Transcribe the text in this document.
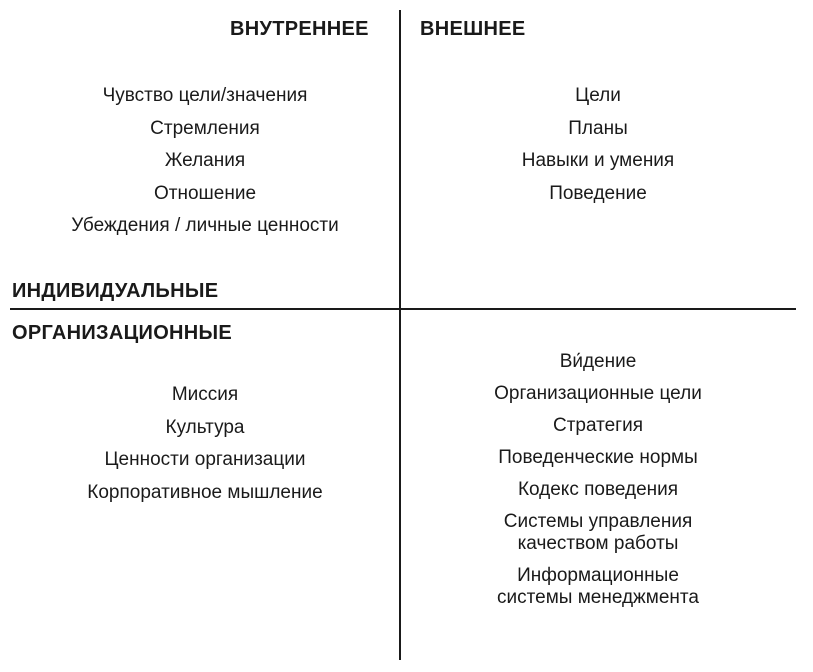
ВНУТРЕННЕЕ	ВНЕШНЕЕ
ИНДИВИДУАЛЬНЫЕ
ОРГАНИЗАЦИОННЫЕ
Чувство цели/значения
Стремления
Желания
Отношение
Убеждения / личные ценности
Цели
Планы
Навыки и умения
Поведение
Миссия
Культура
Ценности организации
Корпоративное мышление
Ви́дение
Организационные цели
Стратегия
Поведенческие нормы
Кодекс поведения
Системы управления качеством работы
Информационные системы менеджмента
